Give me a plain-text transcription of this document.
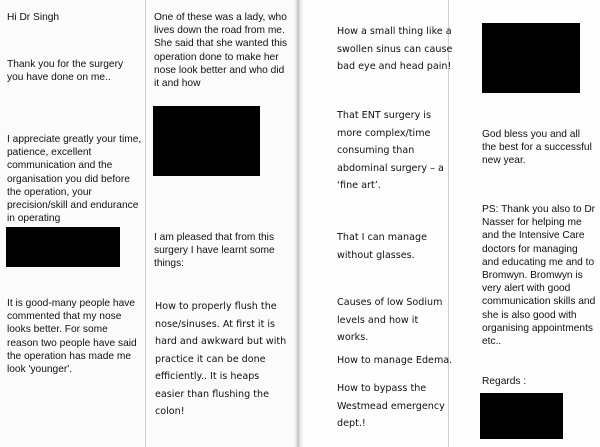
Hi Dr Singh

Thank you for the surgery you have done on me..

I appreciate greatly your time, patience, excellent communication and the organisation you did before the operation, your precision/skill and endurance in operating

It is good-many people have commented that my nose looks better. For some reason two people have said the operation has made me look 'younger'.

One of these was a lady, who lives down the road from me. She said that she wanted this operation done to make her nose look better and who did it and how

I am pleased that from this surgery I have learnt some things:

How to properly flush the nose/sinuses. At first it is hard and awkward but with practice it can be done efficiently.. It is heaps easier than flushing the colon!

How a small thing like a swollen sinus can cause bad eye and head pain!

That ENT surgery is more complex/time consuming than abdominal surgery – a ‘fine art’.

That I can manage without glasses.

Causes of low Sodium levels and how it works.

How to manage Edema.

How to bypass the Westmead emergency dept.!

God bless you and all the best for a successful new year.

PS: Thank you also to Dr Nasser for helping me and the Intensive Care doctors for managing and educating me and to Bromwyn. Bromwyn is very alert with good communication skills and she is also good with organising appointments etc..

Regards :
